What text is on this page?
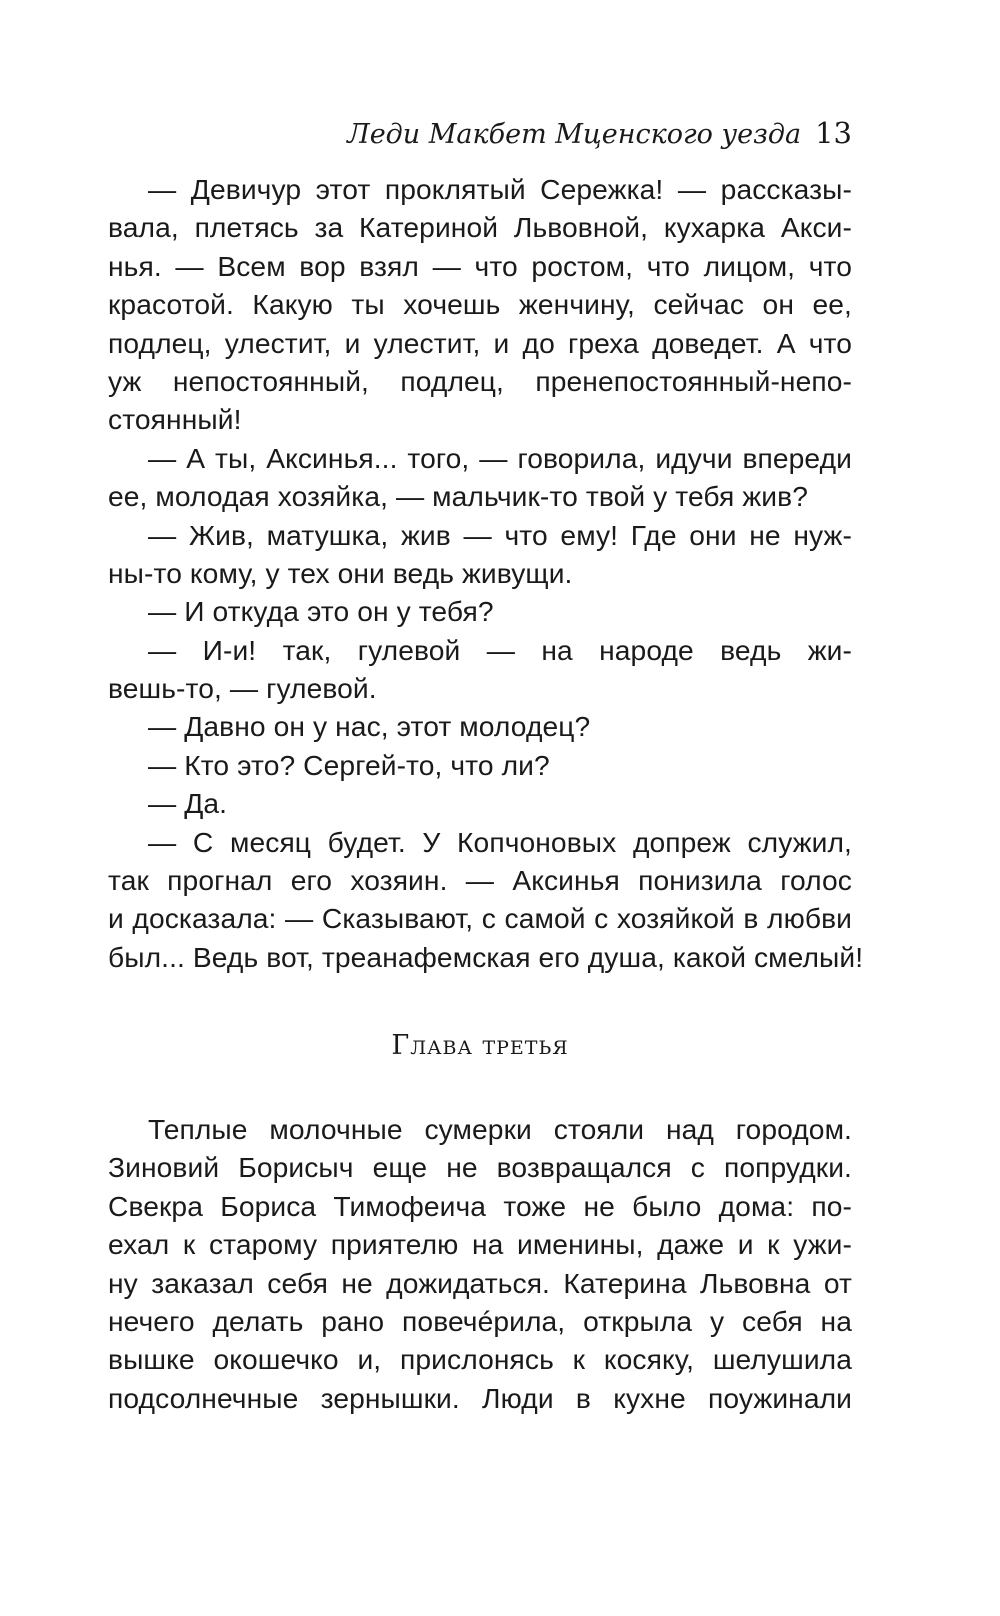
Леди Макбет Мценского уезда 13
— Девичур этот проклятый Сережка! — рассказы-
вала, плетясь за Катериной Львовной, кухарка Акси-
нья. — Всем вор взял — что ростом, что лицом, что
красотой. Какую ты хочешь женчину, сейчас он ее,
подлец, улестит, и улестит, и до греха доведет. А что
уж непостоянный, подлец, пренепостоянный-непо-
стоянный!
— А ты, Аксинья... того, — говорила, идучи впереди
ее, молодая хозяйка, — мальчик-то твой у тебя жив?
— Жив, матушка, жив — что ему! Где они не нуж-
ны-то кому, у тех они ведь живущи.
— И откуда это он у тебя?
— И-и! так, гулевой — на народе ведь жи-
вешь-то, — гулевой.
— Давно он у нас, этот молодец?
— Кто это? Сергей-то, что ли?
— Да.
— С месяц будет. У Копчоновых допреж служил,
так прогнал его хозяин. — Аксинья понизила голос
и досказала: — Сказывают, с самой с хозяйкой в любви
был... Ведь вот, треанафемская его душа, какой смелый!
Глава третья
Теплые молочные сумерки стояли над городом.
Зиновий Борисыч еще не возвращался с попрудки.
Свекра Бориса Тимофеича тоже не было дома: по-
ехал к старому приятелю на именины, даже и к ужи-
ну заказал себя не дожидаться. Катерина Львовна от
нечего делать рано повечéрила, открыла у себя на
вышке окошечко и, прислонясь к косяку, шелушила
подсолнечные зернышки. Люди в кухне поужинали
